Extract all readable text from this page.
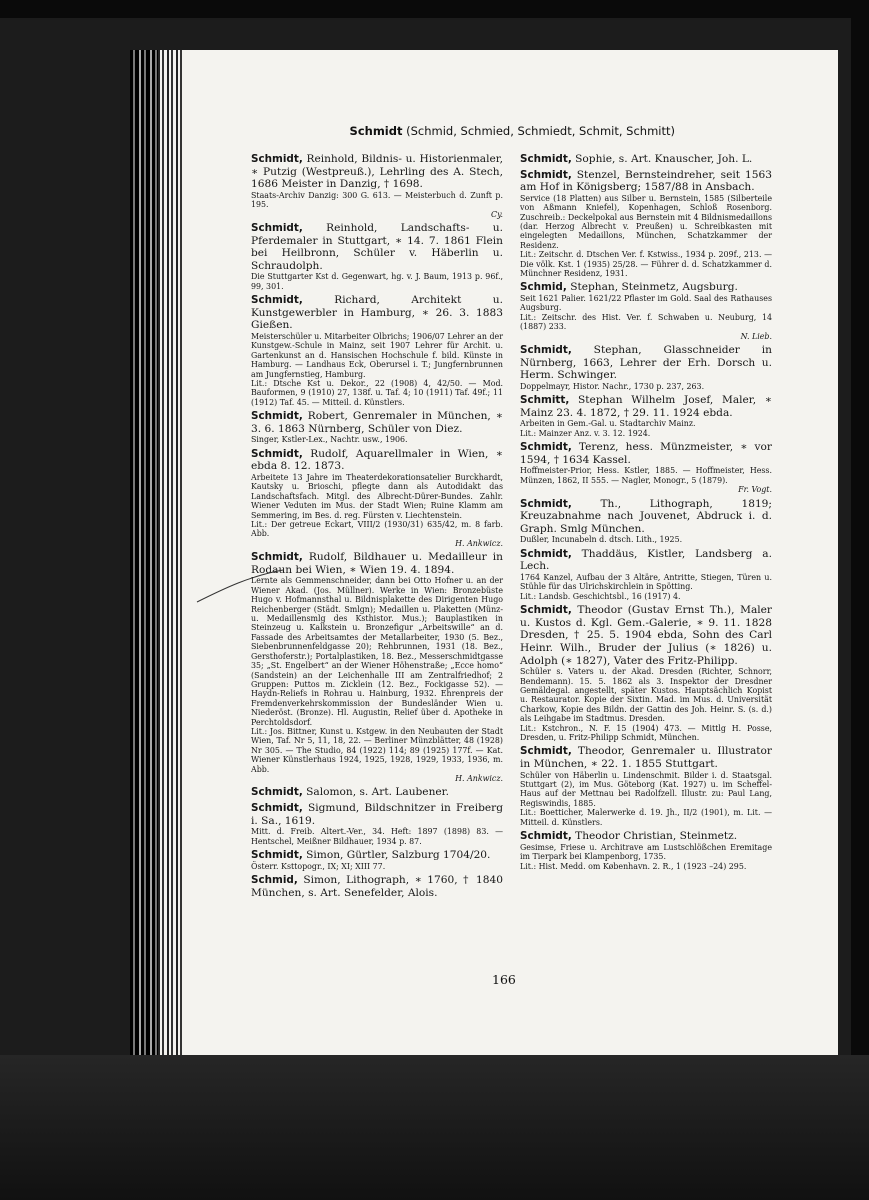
Schmidt (Schmid, Schmied, Schmiedt, Schmit, Schmitt)

Schmidt, Reinhold, Bildnis- u. Historienmaler, ∗ Putzig (Westpreuß.), Lehrling des A. Stech, 1686 Meister in Danzig, † 1698.

Staats-Archiv Danzig: 300 G. 613. — Meisterbuch d. Zunft p. 195.

Cy.

Schmidt, Reinhold, Landschafts- u. Pferdemaler in Stuttgart, ∗ 14. 7. 1861 Flein bei Heilbronn, Schüler v. Häberlin u. Schraudolph.

Die Stuttgarter Kst d. Gegenwart, hg. v. J. Baum, 1913 p. 96f., 99, 301.

Schmidt, Richard, Architekt u. Kunstgewerbler in Hamburg, ∗ 26. 3. 1883 Gießen.

Meisterschüler u. Mitarbeiter Olbrichs; 1906/07 Lehrer an der Kunstgew.-Schule in Mainz, seit 1907 Lehrer für Archit. u. Gartenkunst an d. Hansischen Hochschule f. bild. Künste in Hamburg. — Landhaus Eck, Oberursel i. T.; Jungfernbrunnen am Jungfernstieg, Hamburg.

Lit.: Dtsche Kst u. Dekor., 22 (1908) 4, 42/50. — Mod. Bauformen, 9 (1910) 27, 138f. u. Taf. 4; 10 (1911) Taf. 49f.; 11 (1912) Taf. 45. — Mitteil. d. Künstlers.

Schmidt, Robert, Genremaler in München, ∗ 3. 6. 1863 Nürnberg, Schüler von Diez.

Singer, Kstler-Lex., Nachtr. usw., 1906.

Schmidt, Rudolf, Aquarellmaler in Wien, ∗ ebda 8. 12. 1873.

Arbeitete 13 Jahre im Theaterdekorationsatelier Burckhardt, Kautsky u. Brioschi, pflegte dann als Autodidakt das Landschaftsfach. Mitgl. des Albrecht-Dürer-Bundes. Zahlr. Wiener Veduten im Mus. der Stadt Wien; Ruine Klamm am Semmering, im Bes. d. reg. Fürsten v. Liechtenstein.

Lit.: Der getreue Eckart, VIII/2 (1930/31) 635/42, m. 8 farb. Abb.

H. Ankwicz.

Schmidt, Rudolf, Bildhauer u. Medailleur in Rodaun bei Wien, ∗ Wien 19. 4. 1894.

Lernte als Gemmenschneider, dann bei Otto Hofner u. an der Wiener Akad. (Jos. Müllner). Werke in Wien: Bronzebüste Hugo v. Hofmannsthal u. Bildnisplakette des Dirigenten Hugo Reichenberger (Städt. Smlgn); Medaillen u. Plaketten (Münz- u. Medaillensmlg des Ksthistor. Mus.); Bauplastiken in Steinzeug u. Kalkstein u. Bronzefigur „Arbeitswille“ an d. Fassade des Arbeitsamtes der Metallarbeiter, 1930 (5. Bez., Siebenbrunnenfeldgasse 20); Rehbrunnen, 1931 (18. Bez., Gersthoferstr.); Portalplastiken, 18. Bez., Messerschmidtgasse 35; „St. Engelbert“ an der Wiener Höhenstraße; „Ecce homo“ (Sandstein) an der Leichenhalle III am Zentralfriedhof; 2 Gruppen: Puttos m. Zicklein (12. Bez., Fockigasse 52). — Haydn-Reliefs in Rohrau u. Hainburg, 1932. Ehrenpreis der Fremdenverkehrskommission der Bundesländer Wien u. Niederöst. (Bronze). Hl. Augustin, Relief über d. Apotheke in Perchtoldsdorf.

Lit.: Jos. Bittner, Kunst u. Kstgew. in den Neubauten der Stadt Wien, Taf. Nr 5, 11, 18, 22. — Berliner Münzblätter, 48 (1928) Nr 305. — The Studio, 84 (1922) 114; 89 (1925) 177f. — Kat. Wiener Künstlerhaus 1924, 1925, 1928, 1929, 1933, 1936, m. Abb.

H. Ankwicz.

Schmidt, Salomon, s. Art. Laubener.

Schmidt, Sigmund, Bildschnitzer in Freiberg i. Sa., 1619.

Mitt. d. Freib. Altert.-Ver., 34. Heft: 1897 (1898) 83. — Hentschel, Meißner Bildhauer, 1934 p. 87.

Schmidt, Simon, Gürtler, Salzburg 1704/20.

Österr. Ksttopogr., IX; XI; XIII 77.

Schmid, Simon, Lithograph, ∗ 1760, † 1840 München, s. Art. Senefelder, Alois.

Schmidt, Sophie, s. Art. Knauscher, Joh. L.

Schmidt, Stenzel, Bernsteindreher, seit 1563 am Hof in Königsberg; 1587/88 in Ansbach.

Service (18 Platten) aus Silber u. Bernstein, 1585 (Silberteile von Aßmann Kniefel), Kopenhagen, Schloß Rosenborg. Zuschreib.: Deckelpokal aus Bernstein mit 4 Bildnismedaillons (dar. Herzog Albrecht v. Preußen) u. Schreibkasten mit eingelegten Medaillons, München, Schatzkammer der Residenz.

Lit.: Zeitschr. d. Dtschen Ver. f. Kstwiss., 1934 p. 209f., 213. — Die völk. Kst. 1 (1935) 25/28. — Führer d. d. Schatzkammer d. Münchner Residenz, 1931.

Schmid, Stephan, Steinmetz, Augsburg.

Seit 1621 Palier. 1621/22 Pflaster im Gold. Saal des Rathauses Augsburg.

Lit.: Zeitschr. des Hist. Ver. f. Schwaben u. Neuburg, 14 (1887) 233.

N. Lieb.

Schmidt, Stephan, Glasschneider in Nürnberg, 1663, Lehrer der Erh. Dorsch u. Herm. Schwinger.

Doppelmayr, Histor. Nachr., 1730 p. 237, 263.

Schmitt, Stephan Wilhelm Josef, Maler, ∗ Mainz 23. 4. 1872, † 29. 11. 1924 ebda.

Arbeiten in Gem.-Gal. u. Stadtarchiv Mainz.

Lit.: Mainzer Anz. v. 3. 12. 1924.

Schmidt, Terenz, hess. Münzmeister, ∗ vor 1594, † 1634 Kassel.

Hoffmeister-Prior, Hess. Kstler, 1885. — Hoffmeister, Hess. Münzen, 1862, II 555. — Nagler, Monogr., 5 (1879).

Fr. Vogt.

Schmidt, Th., Lithograph, 1819; Kreuzabnahme nach Jouvenet, Abdruck i. d. Graph. Smlg München.

Dußler, Incunabeln d. dtsch. Lith., 1925.

Schmidt, Thaddäus, Kistler, Landsberg a. Lech.

1764 Kanzel, Aufbau der 3 Altäre, Antritte, Stiegen, Türen u. Stühle für das Ulrichskirchlein in Spötting.

Lit.: Landsb. Geschichtsbl., 16 (1917) 4.

Schmidt, Theodor (Gustav Ernst Th.), Maler u. Kustos d. Kgl. Gem.-Galerie, ∗ 9. 11. 1828 Dresden, † 25. 5. 1904 ebda, Sohn des Carl Heinr. Wilh., Bruder der Julius (∗ 1826) u. Adolph (∗ 1827), Vater des Fritz-Philipp.

Schüler s. Vaters u. der Akad. Dresden (Richter, Schnorr, Bendemann). 15. 5. 1862 als 3. Inspektor der Dresdner Gemäldegal. angestellt, später Kustos. Hauptsächlich Kopist u. Restaurator. Kopie der Sixtin. Mad. im Mus. d. Universität Charkow, Kopie des Bildn. der Gattin des Joh. Heinr. S. (s. d.) als Leihgabe im Stadtmus. Dresden.

Lit.: Kstchron., N. F. 15 (1904) 473. — Mittlg H. Posse, Dresden, u. Fritz-Philipp Schmidt, München.

Schmidt, Theodor, Genremaler u. Illustrator in München, ∗ 22. 1. 1855 Stuttgart.

Schüler von Häberlin u. Lindenschmit. Bilder i. d. Staatsgal. Stuttgart (2), im Mus. Göteborg (Kat. 1927) u. im Scheffel-Haus auf der Mettnau bei Radolfzell. Illustr. zu: Paul Lang, Regiswindis, 1885.

Lit.: Boetticher, Malerwerke d. 19. Jh., II/2 (1901), m. Lit. — Mitteil. d. Künstlers.

Schmidt, Theodor Christian, Steinmetz.

Gesimse, Friese u. Architrave am Lustschlößchen Eremitage im Tierpark bei Klampenborg, 1735.

Lit.: Hist. Medd. om København. 2. R., 1 (1923 –24) 295.

166
